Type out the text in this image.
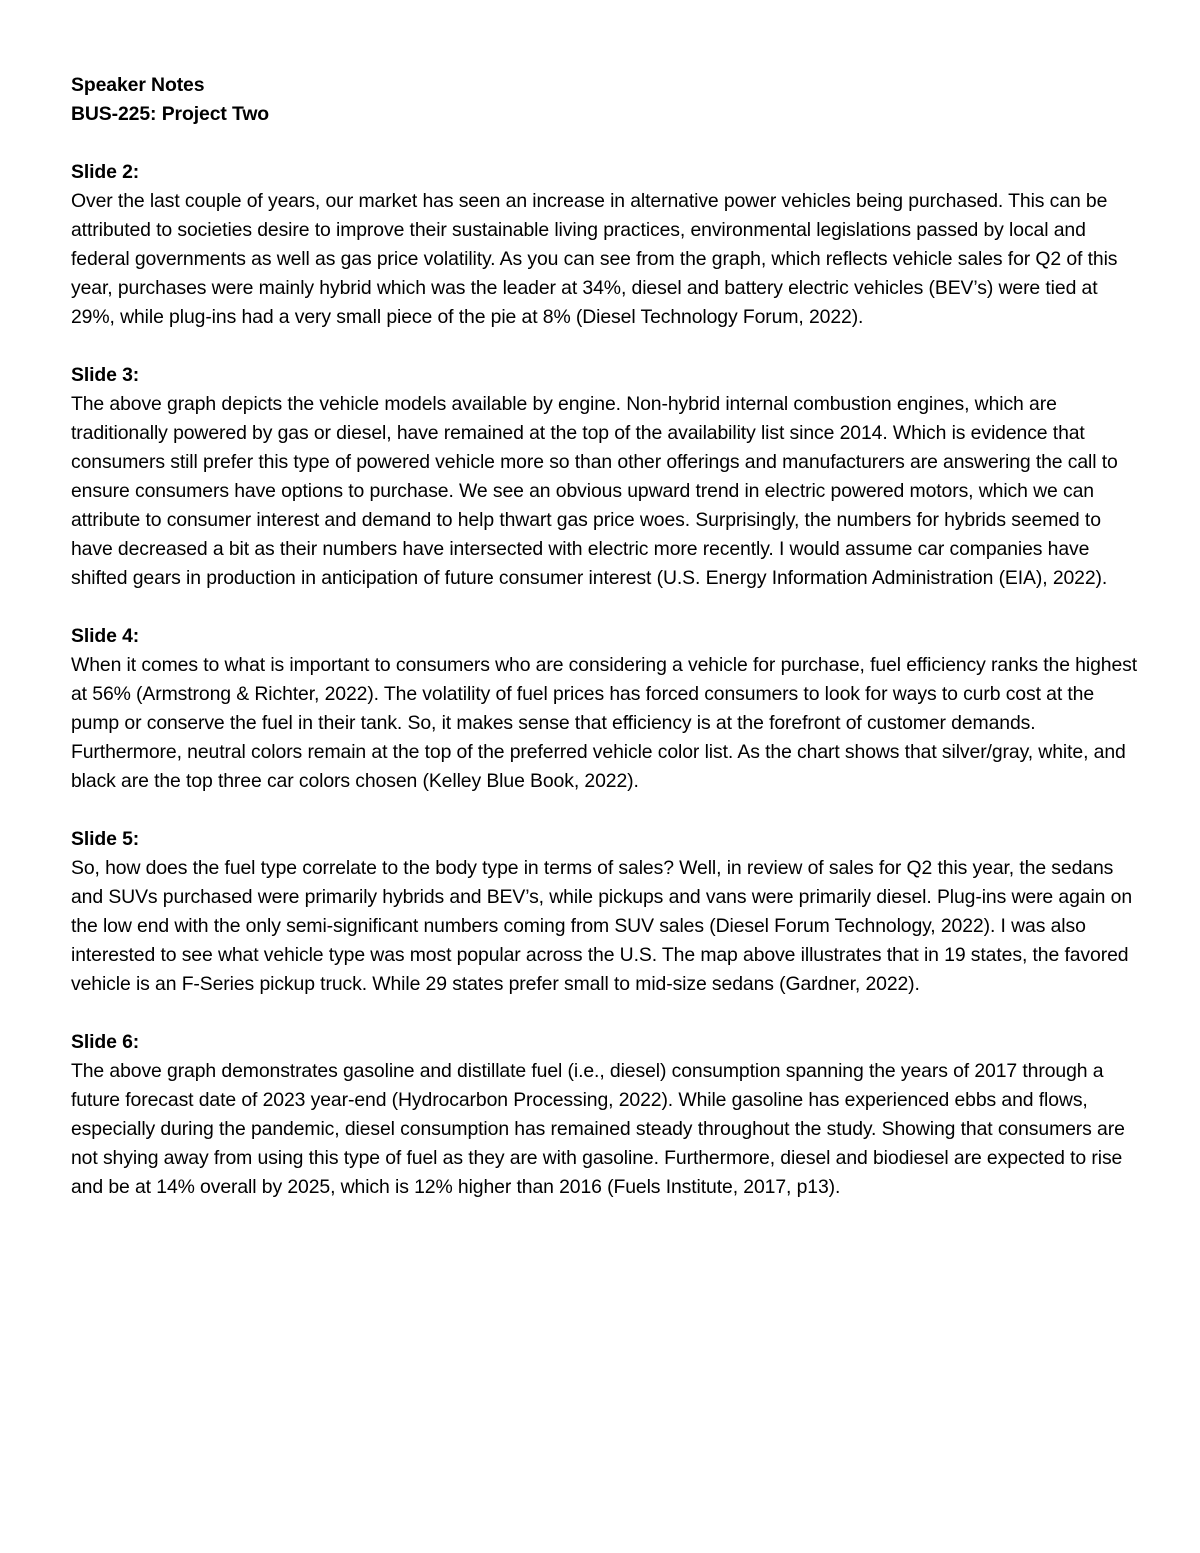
Speaker Notes

BUS-225: Project Two

Slide 2:

Over the last couple of years, our market has seen an increase in alternative power vehicles being purchased. This can be attributed to societies desire to improve their sustainable living practices, environmental legislations passed by local and federal governments as well as gas price volatility. As you can see from the graph, which reflects vehicle sales for Q2 of this year, purchases were mainly hybrid which was the leader at 34%, diesel and battery electric vehicles (BEV’s) were tied at 29%, while plug-ins had a very small piece of the pie at 8% (Diesel Technology Forum, 2022).

Slide 3:

The above graph depicts the vehicle models available by engine. Non-hybrid internal combustion engines, which are traditionally powered by gas or diesel, have remained at the top of the availability list since 2014. Which is evidence that consumers still prefer this type of powered vehicle more so than other offerings and manufacturers are answering the call to ensure consumers have options to purchase. We see an obvious upward trend in electric powered motors, which we can attribute to consumer interest and demand to help thwart gas price woes. Surprisingly, the numbers for hybrids seemed to have decreased a bit as their numbers have intersected with electric more recently. I would assume car companies have shifted gears in production in anticipation of future consumer interest (U.S. Energy Information Administration (EIA), 2022).

Slide 4:

When it comes to what is important to consumers who are considering a vehicle for purchase, fuel efficiency ranks the highest at 56% (Armstrong & Richter, 2022). The volatility of fuel prices has forced consumers to look for ways to curb cost at the pump or conserve the fuel in their tank. So, it makes sense that efficiency is at the forefront of customer demands. Furthermore, neutral colors remain at the top of the preferred vehicle color list. As the chart shows that silver/gray, white, and black are the top three car colors chosen (Kelley Blue Book, 2022).

Slide 5:

So, how does the fuel type correlate to the body type in terms of sales? Well, in review of sales for Q2 this year, the sedans and SUVs purchased were primarily hybrids and BEV’s, while pickups and vans were primarily diesel. Plug-ins were again on the low end with the only semi-significant numbers coming from SUV sales (Diesel Forum Technology, 2022). I was also interested to see what vehicle type was most popular across the U.S. The map above illustrates that in 19 states, the favored vehicle is an F-Series pickup truck. While 29 states prefer small to mid-size sedans (Gardner, 2022).

Slide 6:

The above graph demonstrates gasoline and distillate fuel (i.e., diesel) consumption spanning the years of 2017 through a future forecast date of 2023 year-end (Hydrocarbon Processing, 2022). While gasoline has experienced ebbs and flows, especially during the pandemic, diesel consumption has remained steady throughout the study. Showing that consumers are not shying away from using this type of fuel as they are with gasoline. Furthermore, diesel and biodiesel are expected to rise and be at 14% overall by 2025, which is 12% higher than 2016 (Fuels Institute, 2017, p13).
